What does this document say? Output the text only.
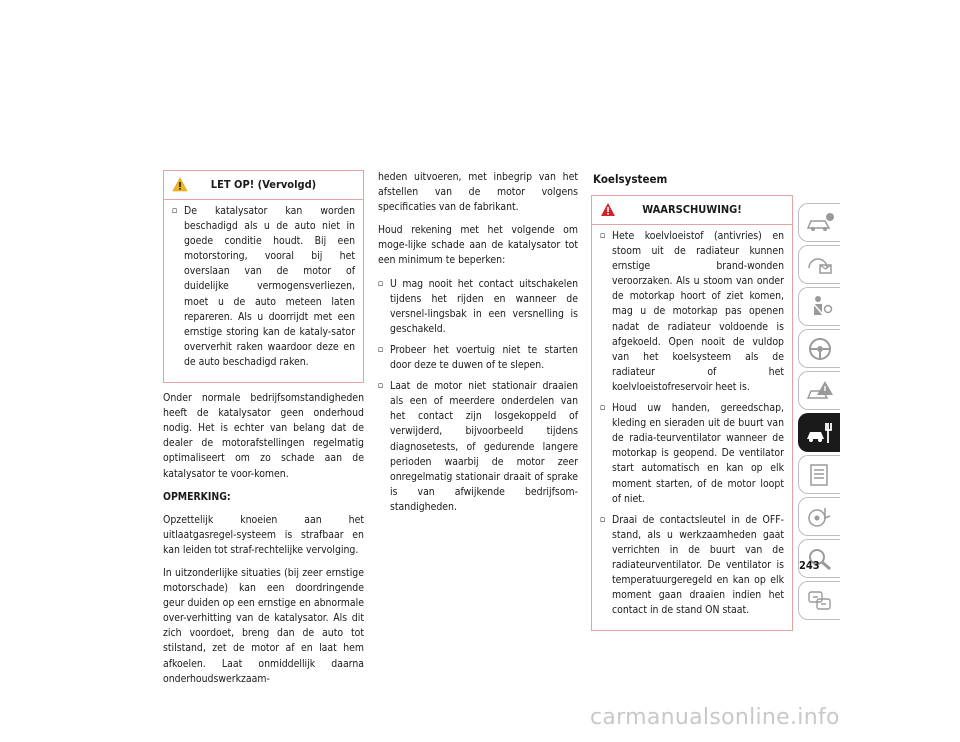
LET OP! (Vervolgd)
▫ De katalysator kan worden beschadigd als u de auto niet in goede conditie houdt. Bij een motorstoring, vooral bij het overslaan van de motor of duidelijke vermogensverliezen, moet u de auto meteen laten repareren. Als u doorrijdt met een ernstige storing kan de kataly-sator oververhit raken waardoor deze en de auto beschadigd raken.

Onder normale bedrijfsomstandigheden heeft de katalysator geen onderhoud nodig. Het is echter van belang dat de dealer de motorafstellingen regelmatig optimaliseert om zo schade aan de katalysator te voor-komen.

OPMERKING:

Opzettelijk knoeien aan het uitlaatgasregel-systeem is strafbaar en kan leiden tot straf-rechtelijke vervolging.

In uitzonderlijke situaties (bij zeer ernstige motorschade) kan een doordringende geur duiden op een ernstige en abnormale over-verhitting van de katalysator. Als dit zich voordoet, breng dan de auto tot stilstand, zet de motor af en laat hem afkoelen. Laat onmiddellijk daarna onderhoudswerkzaam-

heden uitvoeren, met inbegrip van het afstellen van de motor volgens specificaties van de fabrikant.

Houd rekening met het volgende om moge-lijke schade aan de katalysator tot een minimum te beperken:

▫ U mag nooit het contact uitschakelen tijdens het rijden en wanneer de versnel-lingsbak in een versnelling is geschakeld.
▫ Probeer het voertuig niet te starten door deze te duwen of te slepen.
▫ Laat de motor niet stationair draaien als een of meerdere onderdelen van het contact zijn losgekoppeld of verwijderd, bijvoorbeeld tijdens diagnosetests, of gedurende langere perioden waarbij de motor zeer onregelmatig stationair draait of sprake is van afwijkende bedrijfsom-standigheden.
Koelsysteem
WAARSCHUWING!
▫ Hete koelvloeistof (antivries) en stoom uit de radiateur kunnen ernstige brand-wonden veroorzaken. Als u stoom van onder de motorkap hoort of ziet komen, mag u de motorkap pas openen nadat de radiateur voldoende is afgekoeld. Open nooit de vuldop van het koelsysteem als de radiateur of het koelvloeistofreservoir heet is.
▫ Houd uw handen, gereedschap, kleding en sieraden uit de buurt van de radia-teurventilator wanneer de motorkap is geopend. De ventilator start automatisch en kan op elk moment starten, of de motor loopt of niet.
▫ Draai de contactsleutel in de OFF-stand, als u werkzaamheden gaat verrichten in de buurt van de radiateurventilator. De ventilator is temperatuurgeregeld en kan op elk moment gaan draaien indien het contact in de stand ON staat.
243
carmanualsonline.info
